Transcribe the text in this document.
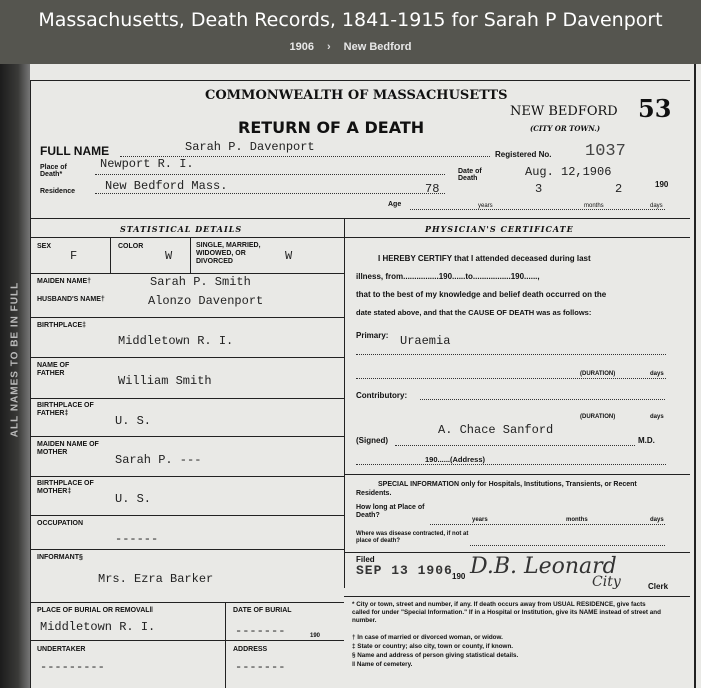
Massachusetts, Death Records, 1841-1915 for Sarah P Davenport
1906 › New Bedford
ALL NAMES TO BE IN FULL
COMMONWEALTH OF MASSACHUSETTS
NEW BEDFORD
(CITY OR TOWN.)
53
RETURN OF A DEATH
FULL NAME	Sarah P. Davenport
Registered No. 1037
Place of Death*
Newport R. I.
New Bedford Mass.
Residence
Date of Death	Aug. 12,1906
190
78	3	2
Age	years	months	days
STATISTICAL DETAILS
SEX
F
COLOR
W
SINGLE, MARRIED, WIDOWED, OR DIVORCED	W
MAIDEN NAME†	Sarah P. Smith
HUSBAND'S NAME†	Alonzo Davenport
BIRTHPLACE‡
Middletown R. I.
NAME OF FATHER
William Smith
BIRTHPLACE OF FATHER‡
U. S.
MAIDEN NAME OF MOTHER
Sarah P. ---
BIRTHPLACE OF MOTHER‡
U. S.
OCCUPATION
------
INFORMANT§
Mrs. Ezra Barker
PLACE OF BURIAL OR REMOVAL‖
Middletown R. I.
DATE OF BURIAL
-------	190
UNDERTAKER
---------
ADDRESS
-------
PHYSICIAN'S CERTIFICATE
I HEREBY CERTIFY that I attended deceased during last
illness, from................190......to.................190......,
that to the best of my knowledge and belief death occurred on the
date stated above, and that the CAUSE OF DEATH was as follows:
Primary: Uraemia
(DURATION)	days
Contributory:
(DURATION)	days
A. Chace Sanford
(Signed)	M.D.
190......(Address)
SPECIAL INFORMATION only for Hospitals, Institutions, Transients, or Recent Residents.
How long at Place of Death?
years	months	days
Where was disease contracted, if not at place of death?
Filed
SEP 13 1906 190 D.B. Leonard
City	Clerk
* City or town, street and number, if any. If death occurs away from USUAL RESIDENCE, give facts called for under "Special Information." If in a Hospital or Institution, give its NAME instead of street and number.
† In case of married or divorced woman, or widow.
‡ State or country; also city, town or county, if known.
§ Name and address of person giving statistical details.
‖ Name of cemetery.
